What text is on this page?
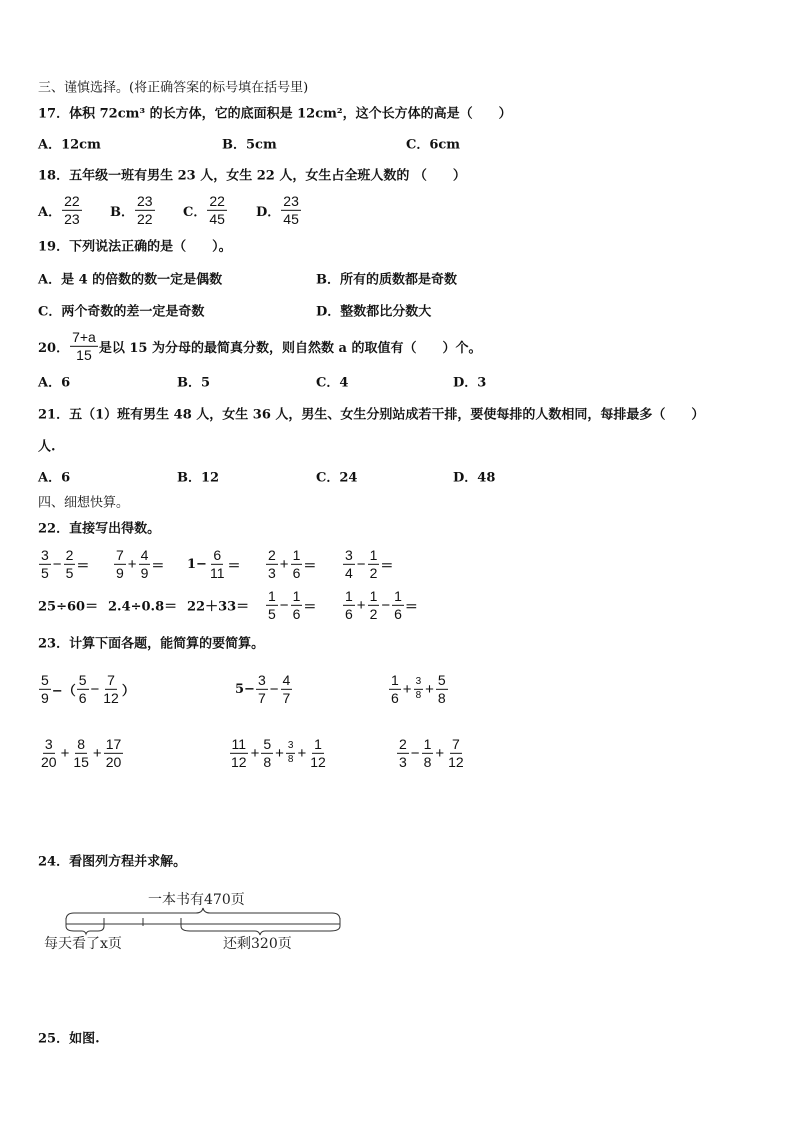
三、谨慎选择。(将正确答案的标号填在括号里)
17．体积 72cm³ 的长方体，它的底面积是 12cm²，这个长方体的高是（　　）
A．12cm	B．5cm	C．6cm
18．五年级一班有男生 23 人，女生 22 人，女生占全班人数的 （　　）
A． $\frac{22}{23}$ B． $\frac{23}{22}$ C． $\frac{22}{45}$ D． $\frac{23}{45}$
19．下列说法正确的是（　　）。
A．是 4 的倍数的数一定是偶数	B．所有的质数都是奇数
C．两个奇数的差一定是奇数	D．整数都比分数大
20． $\frac{7+a}{15}$ 是以 15 为分母的最简真分数，则自然数 a 的取值有（　　）个。
A．6	B．5	C．4	D．3
21．五（1）班有男生 48 人，女生 36 人，男生、女生分别站成若干排，要使每排的人数相同，每排最多（　　）
人.
A．6	B．12	C．24	D．48
四、细想快算。
22．直接写出得数。
$\frac{3}{5} - \frac{2}{5} = \frac{7}{9} + \frac{4}{9} = 1- \frac{6}{11} = \frac{2}{3} + \frac{1}{6} = \frac{3}{4} - \frac{1}{2}$ ＝
$25\div 60= 2.4\div 0.8= 22+33= \frac{1}{5} - \frac{1}{6} = \frac{1}{6} + \frac{1}{2} - \frac{1}{6}$ ＝
23．计算下面各题，能简算的要简算。
$\frac{5}{9}$ −（ $\frac{5}{6} - \frac{7}{12}$ ）	$5- \frac{3}{7} - \frac{4}{7}$	$\frac{1}{6} + \frac{3}{8} + \frac{5}{8}$
$\frac{3}{20} + \frac{8}{15} + \frac{17}{20}$	$\frac{11}{12} + \frac{5}{8} + \frac{3}{8} + \frac{1}{12}$	$\frac{2}{3} - \frac{1}{8} + \frac{7}{12}$
24．看图列方程并求解。
一本书有470页
每天看了x页	还剩320页
25．如图.
